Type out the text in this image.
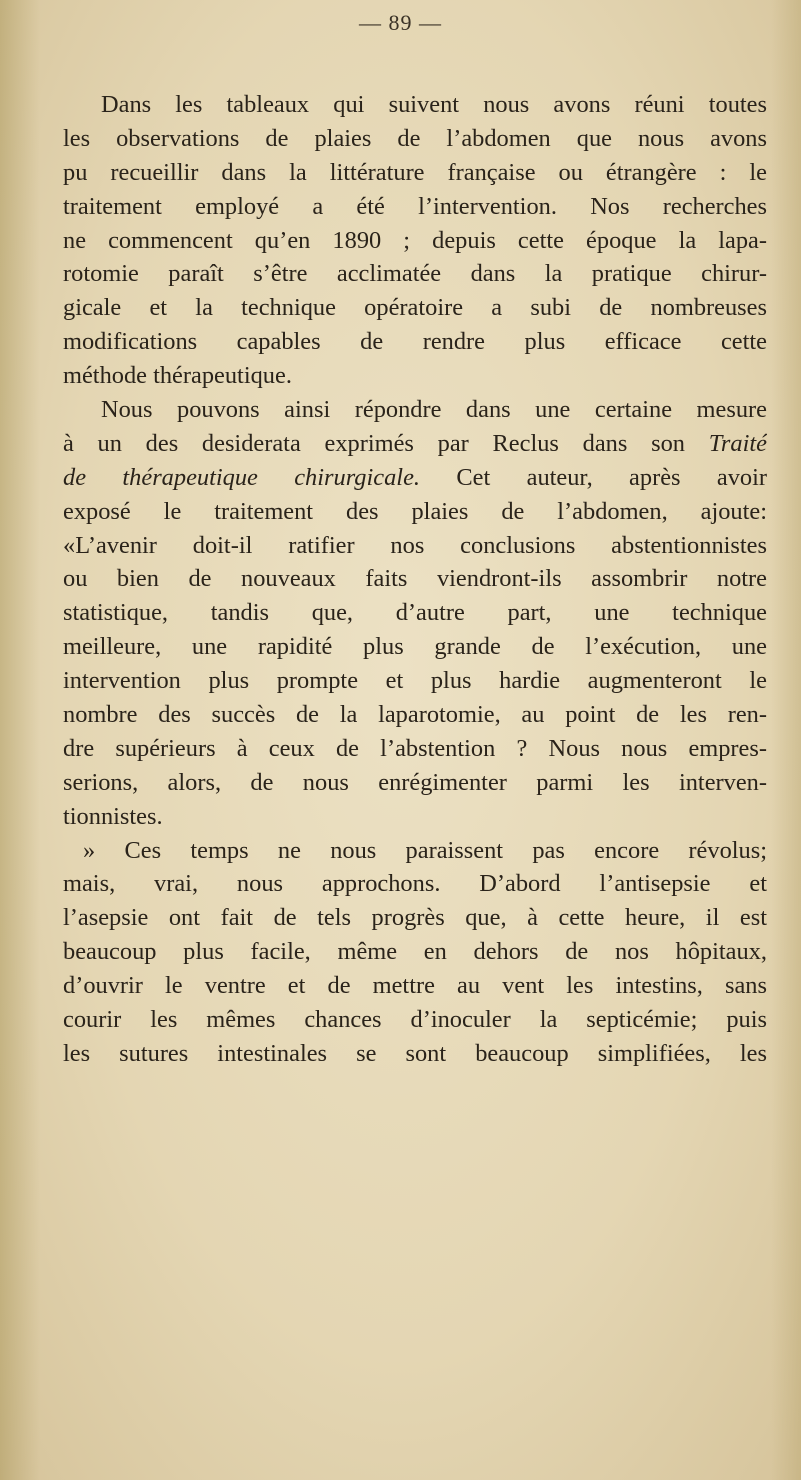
— 89 —
Dans les tableaux qui suivent nous avons réuni toutes
les observations de plaies de l’abdomen que nous avons
pu recueillir dans la littérature française ou étrangère : le
traitement employé a été l’intervention. Nos recherches
ne commencent qu’en 1890 ; depuis cette époque la lapa-
rotomie paraît s’être acclimatée dans la pratique chirur-
gicale et la technique opératoire a subi de nombreuses
modifications capables de rendre plus efficace cette
méthode thérapeutique.
Nous pouvons ainsi répondre dans une certaine mesure
à un des desiderata exprimés par Reclus dans son Traité
de thérapeutique chirurgicale. Cet auteur, après avoir
exposé le traitement des plaies de l’abdomen, ajoute:
«L’avenir doit-il ratifier nos conclusions abstentionnistes
ou bien de nouveaux faits viendront-ils assombrir notre
statistique, tandis que, d’autre part, une technique
meilleure, une rapidité plus grande de l’exécution, une
intervention plus prompte et plus hardie augmenteront le
nombre des succès de la laparotomie, au point de les ren-
dre supérieurs à ceux de l’abstention ? Nous nous empres-
serions, alors, de nous enrégimenter parmi les interven-
tionnistes.
» Ces temps ne nous paraissent pas encore révolus;
mais, vrai, nous approchons. D’abord l’antisepsie et
l’asepsie ont fait de tels progrès que, à cette heure, il est
beaucoup plus facile, même en dehors de nos hôpitaux,
d’ouvrir le ventre et de mettre au vent les intestins, sans
courir les mêmes chances d’inoculer la septicémie; puis
les sutures intestinales se sont beaucoup simplifiées, les
